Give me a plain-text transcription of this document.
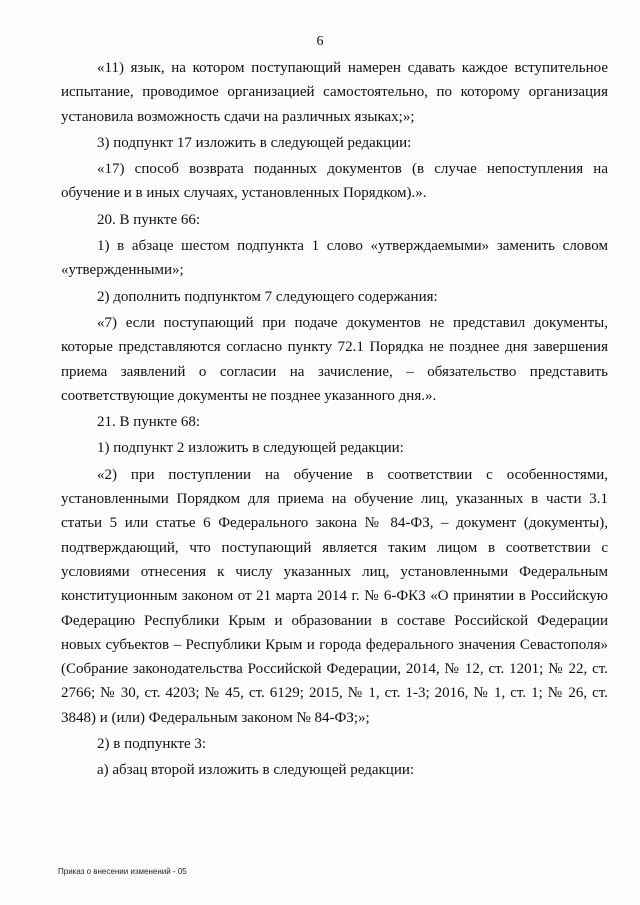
6

«11) язык, на котором поступающий намерен сдавать каждое вступительное испытание, проводимое организацией самостоятельно, по которому организация установила возможность сдачи на различных языках;»;

3) подпункт 17 изложить в следующей редакции:

«17) способ возврата поданных документов (в случае непоступления на обучение и в иных случаях, установленных Порядком).».

20. В пункте 66:

1) в абзаце шестом подпункта 1 слово «утверждаемыми» заменить словом «утвержденными»;

2) дополнить подпунктом 7 следующего содержания:

«7) если поступающий при подаче документов не представил документы, которые представляются согласно пункту 72.1 Порядка не позднее дня завершения приема заявлений о согласии на зачисление, – обязательство представить соответствующие документы не позднее указанного дня.».

21. В пункте 68:

1) подпункт 2 изложить в следующей редакции:

«2) при поступлении на обучение в соответствии с особенностями, установленными Порядком для приема на обучение лиц, указанных в части 3.1 статьи 5 или статье 6 Федерального закона № 84-ФЗ, – документ (документы), подтверждающий, что поступающий является таким лицом в соответствии с условиями отнесения к числу указанных лиц, установленными Федеральным конституционным законом от 21 марта 2014 г. № 6-ФКЗ «О принятии в Российскую Федерацию Республики Крым и образовании в составе Российской Федерации новых субъектов – Республики Крым и города федерального значения Севастополя» (Собрание законодательства Российской Федерации, 2014, № 12, ст. 1201; № 22, ст. 2766; № 30, ст. 4203; № 45, ст. 6129; 2015, № 1, ст. 1-3; 2016, № 1, ст. 1; № 26, ст. 3848) и (или) Федеральным законом № 84-ФЗ;»;

2) в подпункте 3:

а) абзац второй изложить в следующей редакции:

Приказ о внесении изменений - 05
